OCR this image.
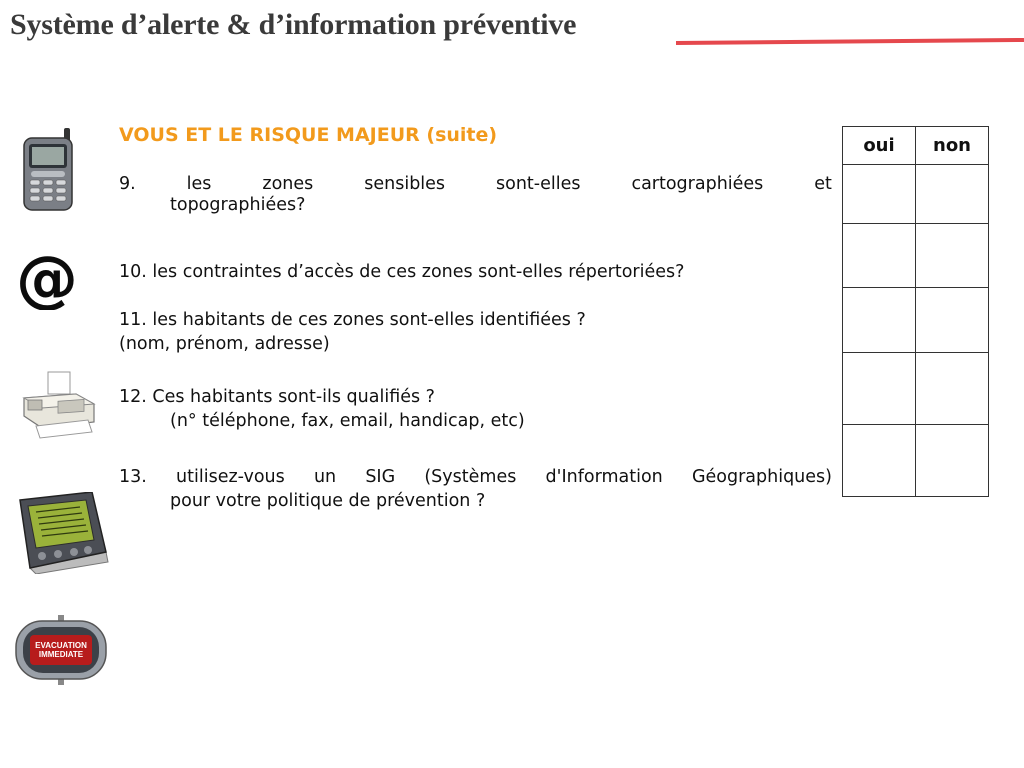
Système d’alerte & d’information préventive
@
EVACUATION
IMMEDIATE
VOUS ET LE RISQUE MAJEUR (suite)
9.	les	zones	sensibles	sont-elles	cartographiées	et
topographiées?
10. les contraintes d’accès de ces zones sont-elles répertoriées?
11. les habitants de ces zones sont-elles identifiées ?
(nom, prénom, adresse)
12. Ces habitants sont-ils qualifiés ?
(n° téléphone, fax, email, handicap, etc)
13. utilisez-vous un SIG (Systèmes d'Information Géographiques)
pour votre politique de prévention ?
oui	non
